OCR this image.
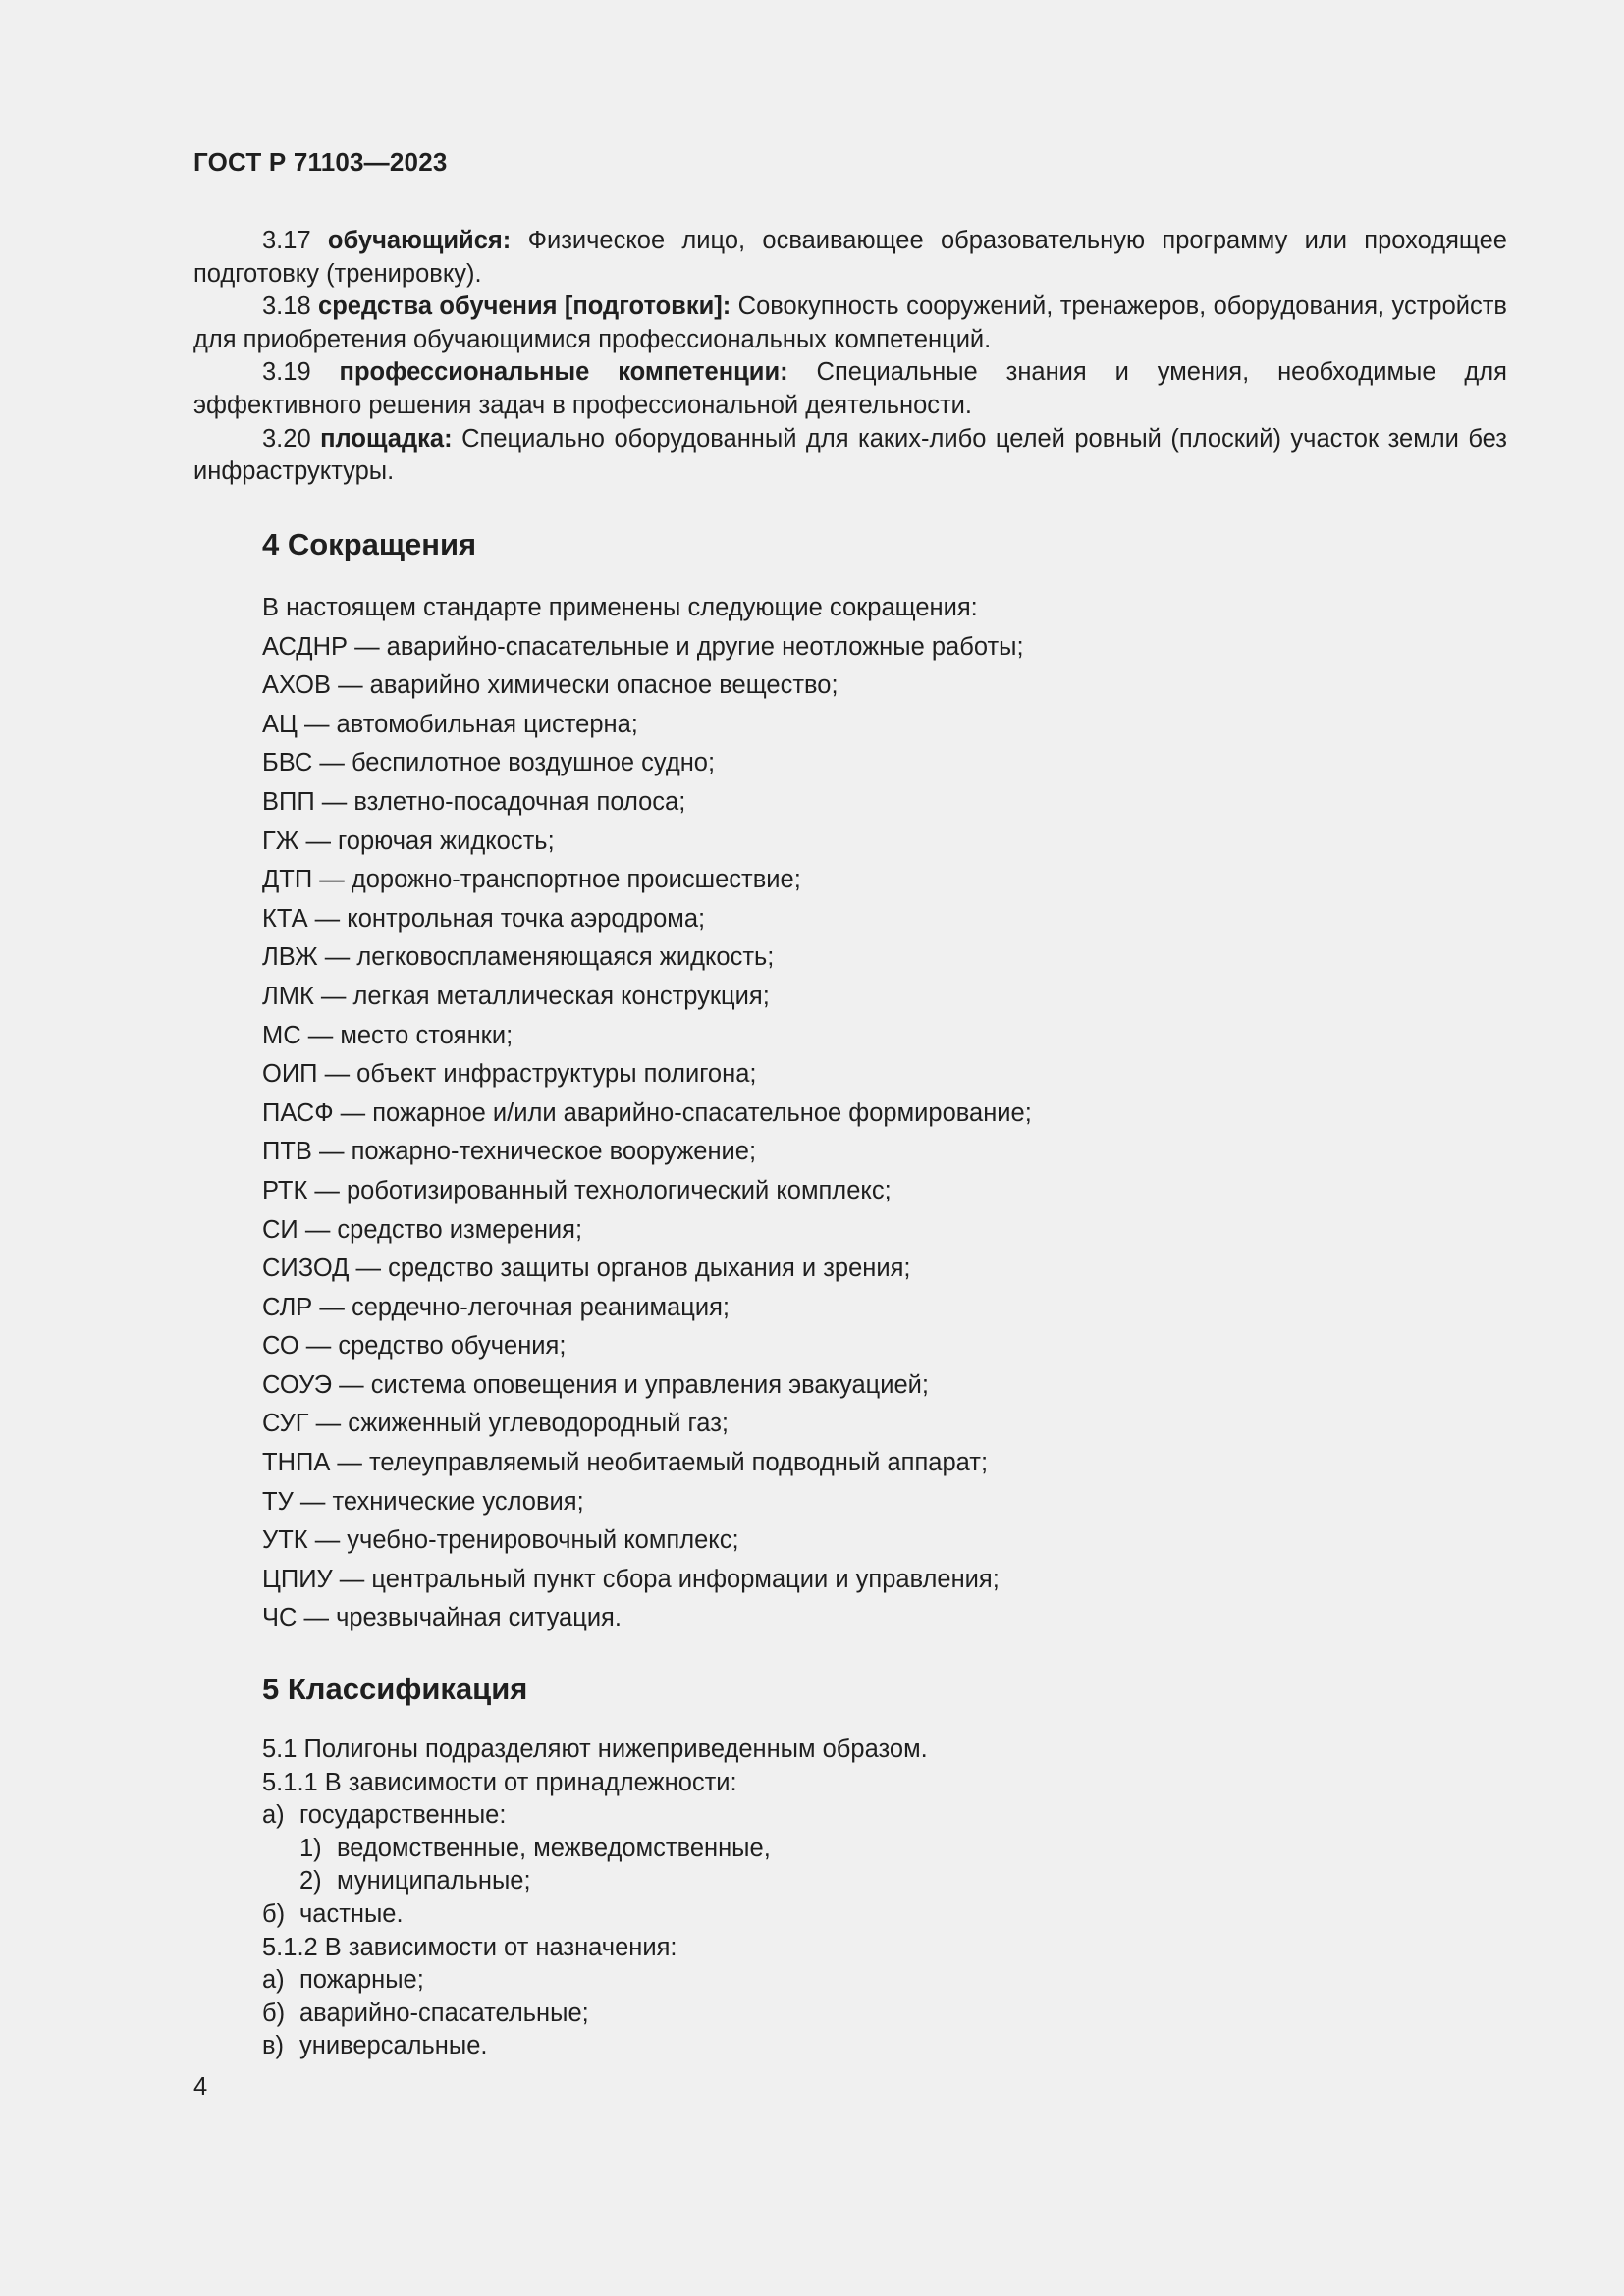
ГОСТ Р 71103—2023

3.17 обучающийся: Физическое лицо, осваивающее образовательную программу или проходящее подготовку (тренировку).

3.18 средства обучения [подготовки]: Совокупность сооружений, тренажеров, оборудования, устройств для приобретения обучающимися профессиональных компетенций.

3.19 профессиональные компетенции: Специальные знания и умения, необходимые для эффективного решения задач в профессиональной деятельности.

3.20 площадка: Специально оборудованный для каких-либо целей ровный (плоский) участок земли без инфраструктуры.

4 Сокращения
В настоящем стандарте применены следующие сокращения:
АСДНР — аварийно-спасательные и другие неотложные работы;
АХОВ — аварийно химически опасное вещество;
АЦ — автомобильная цистерна;
БВС — беспилотное воздушное судно;
ВПП — взлетно-посадочная полоса;
ГЖ — горючая жидкость;
ДТП — дорожно-транспортное происшествие;
КТА — контрольная точка аэродрома;
ЛВЖ — легковоспламеняющаяся жидкость;
ЛМК — легкая металлическая конструкция;
МС — место стоянки;
ОИП — объект инфраструктуры полигона;
ПАСФ — пожарное и/или аварийно-спасательное формирование;
ПТВ — пожарно-техническое вооружение;
РТК — роботизированный технологический комплекс;
СИ — средство измерения;
СИЗОД — средство защиты органов дыхания и зрения;
СЛР — сердечно-легочная реанимация;
СО — средство обучения;
СОУЭ — система оповещения и управления эвакуацией;
СУГ — сжиженный углеводородный газ;
ТНПА — телеуправляемый необитаемый подводный аппарат;
ТУ — технические условия;
УТК — учебно-тренировочный комплекс;
ЦПИУ — центральный пункт сбора информации и управления;
ЧС — чрезвычайная ситуация.
5 Классификация
5.1 Полигоны подразделяют нижеприведенным образом.
5.1.1 В зависимости от принадлежности:
а) государственные:
1) ведомственные, межведомственные,
2) муниципальные;
б) частные.
5.1.2 В зависимости от назначения:
а) пожарные;
б) аварийно-спасательные;
в) универсальные.
4
